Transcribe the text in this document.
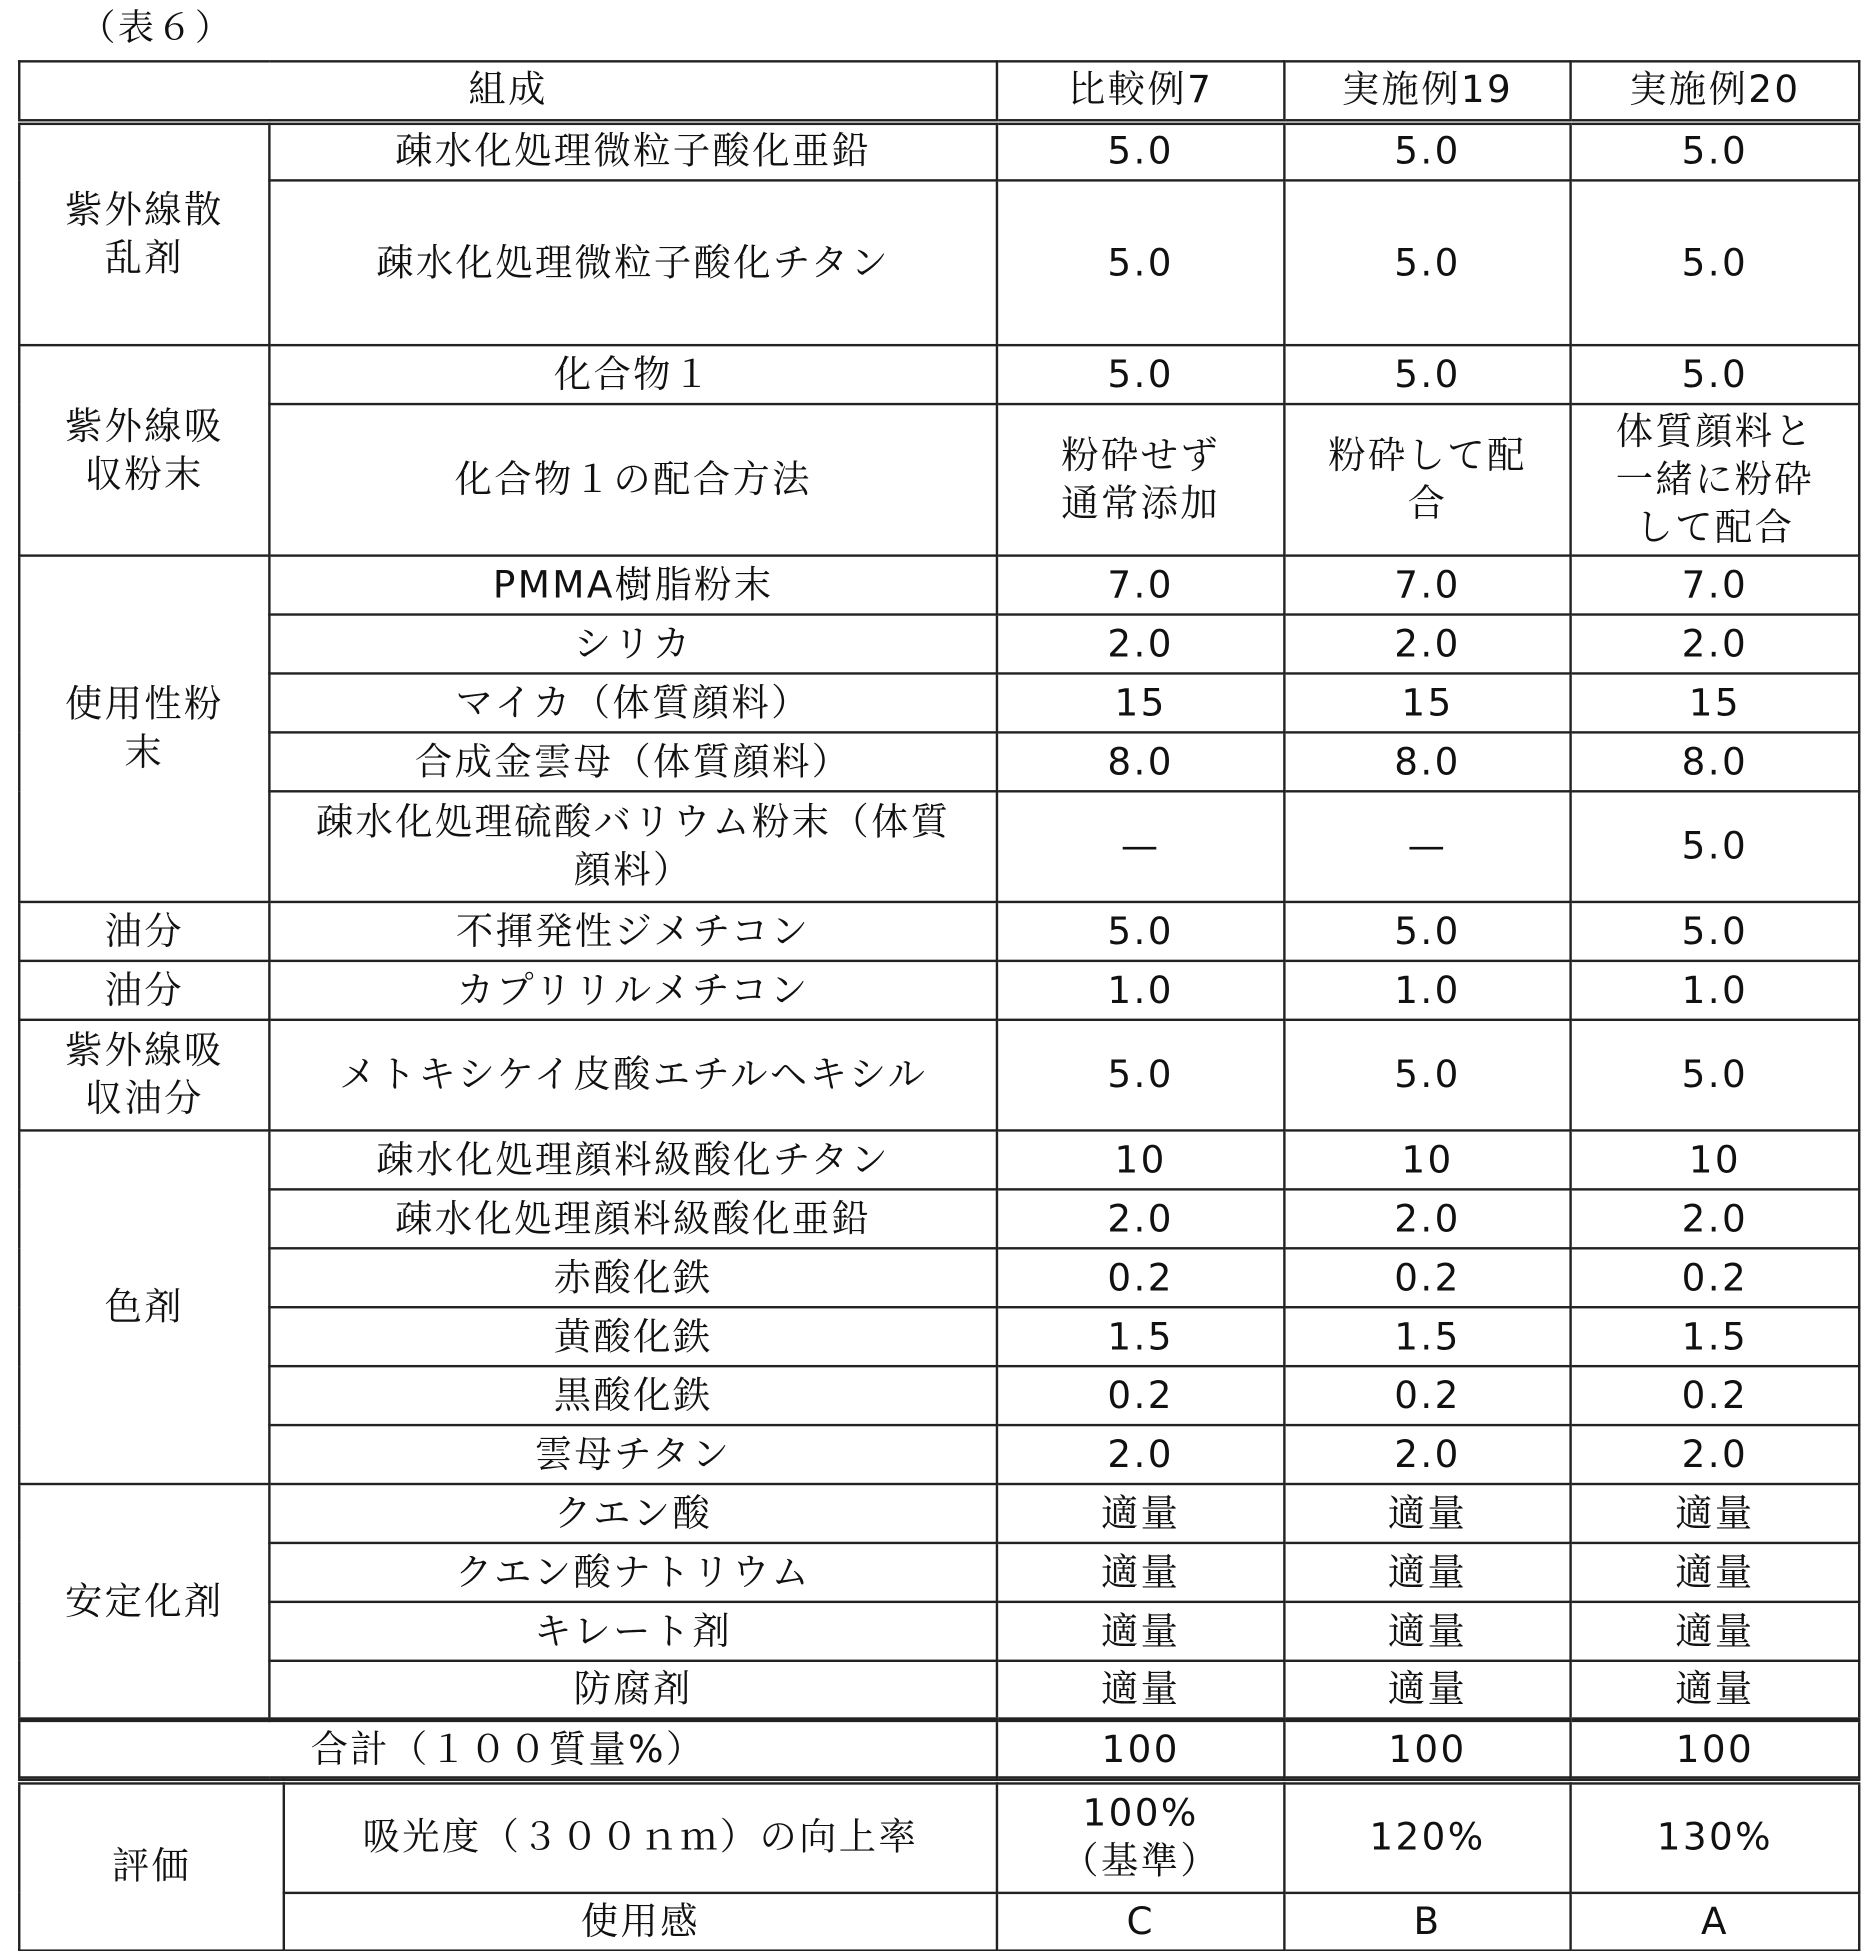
（表６）
組成	比較例7	実施例19	実施例20
紫外線散
乱剤	疎水化処理微粒子酸化亜鉛	5.0	5.0	5.0
疎水化処理微粒子酸化チタン	5.0	5.0	5.0
紫外線吸
収粉末	化合物１	5.0	5.0	5.0
化合物１の配合方法	粉砕せず
通常添加	粉砕して配
合	体質顔料と
一緒に粉砕
して配合
使用性粉
末	PMMA樹脂粉末	7.0	7.0	7.0
シリカ	2.0	2.0	2.0
マイカ（体質顔料）	15	15	15
合成金雲母（体質顔料）	8.0	8.0	8.0
疎水化処理硫酸バリウム粉末（体質
顔料）	—	—	5.0
油分	不揮発性ジメチコン	5.0	5.0	5.0
油分	カプリリルメチコン	1.0	1.0	1.0
紫外線吸
収油分	メトキシケイ皮酸エチルヘキシル	5.0	5.0	5.0
色剤	疎水化処理顔料級酸化チタン	10	10	10
疎水化処理顔料級酸化亜鉛	2.0	2.0	2.0
赤酸化鉄	0.2	0.2	0.2
黄酸化鉄	1.5	1.5	1.5
黒酸化鉄	0.2	0.2	0.2
雲母チタン	2.0	2.0	2.0
安定化剤	クエン酸	適量	適量	適量
クエン酸ナトリウム	適量	適量	適量
キレート剤	適量	適量	適量
防腐剤	適量	適量	適量
合計（１００質量%）	100	100	100
評価	吸光度（３００ｎｍ）の向上率	100%
（基準）	120%	130%
使用感	C	B	A
